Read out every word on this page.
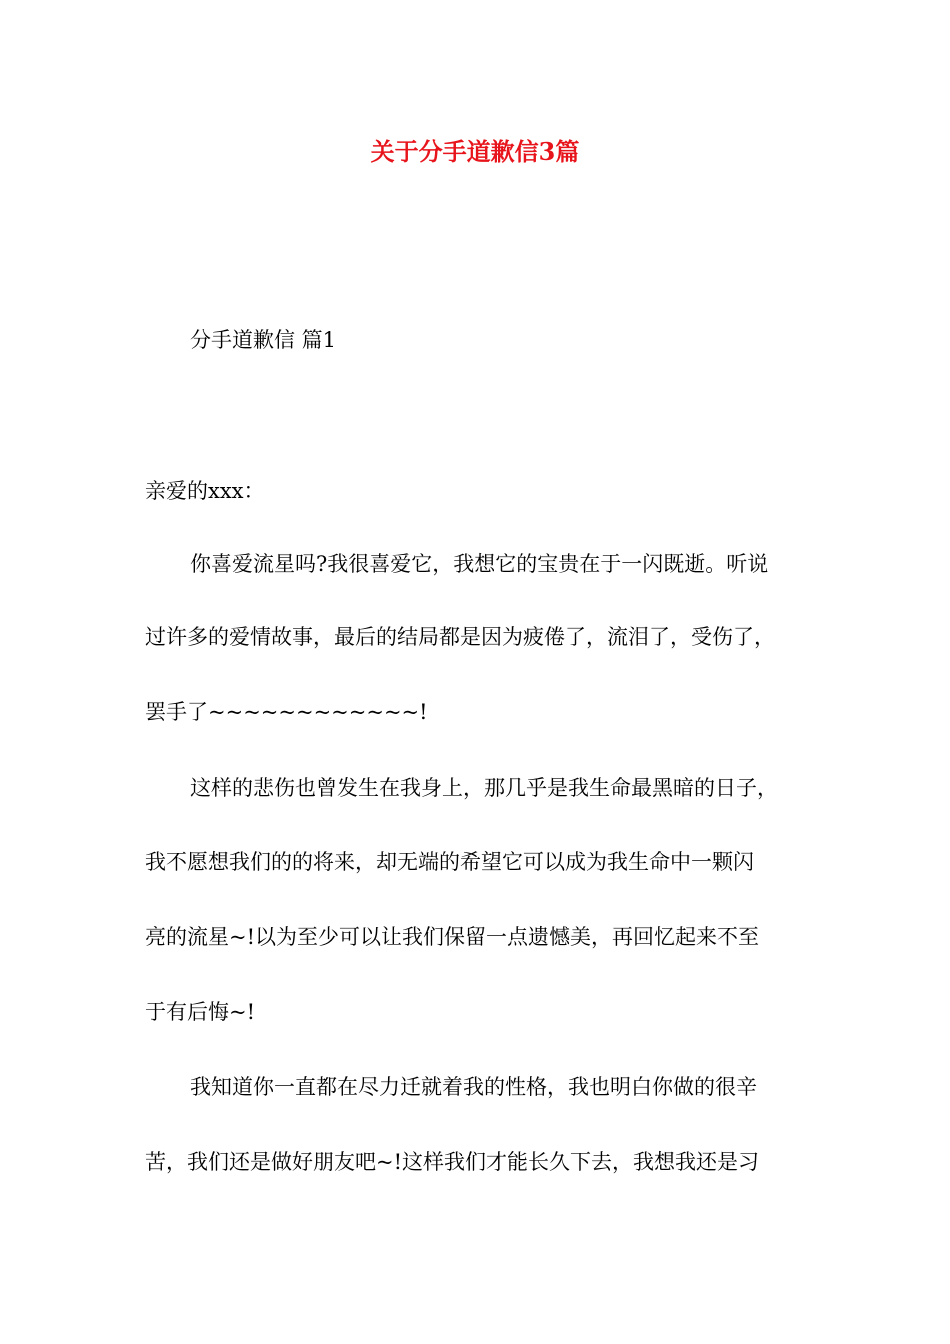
关于分手道歉信3篇

分手道歉信 篇1

亲爱的xxx：

你喜爱流星吗?我很喜爱它，我想它的宝贵在于一闪既逝。听说

过许多的爱情故事，最后的结局都是因为疲倦了，流泪了，受伤了，

罢手了~~~~~~~~~~~~!

这样的悲伤也曾发生在我身上，那几乎是我生命最黑暗的日子，

我不愿想我们的的将来，却无端的希望它可以成为我生命中一颗闪

亮的流星~!以为至少可以让我们保留一点遗憾美，再回忆起来不至

于有后悔~!

我知道你一直都在尽力迁就着我的性格，我也明白你做的很辛

苦，我们还是做好朋友吧~!这样我们才能长久下去，我想我还是习
